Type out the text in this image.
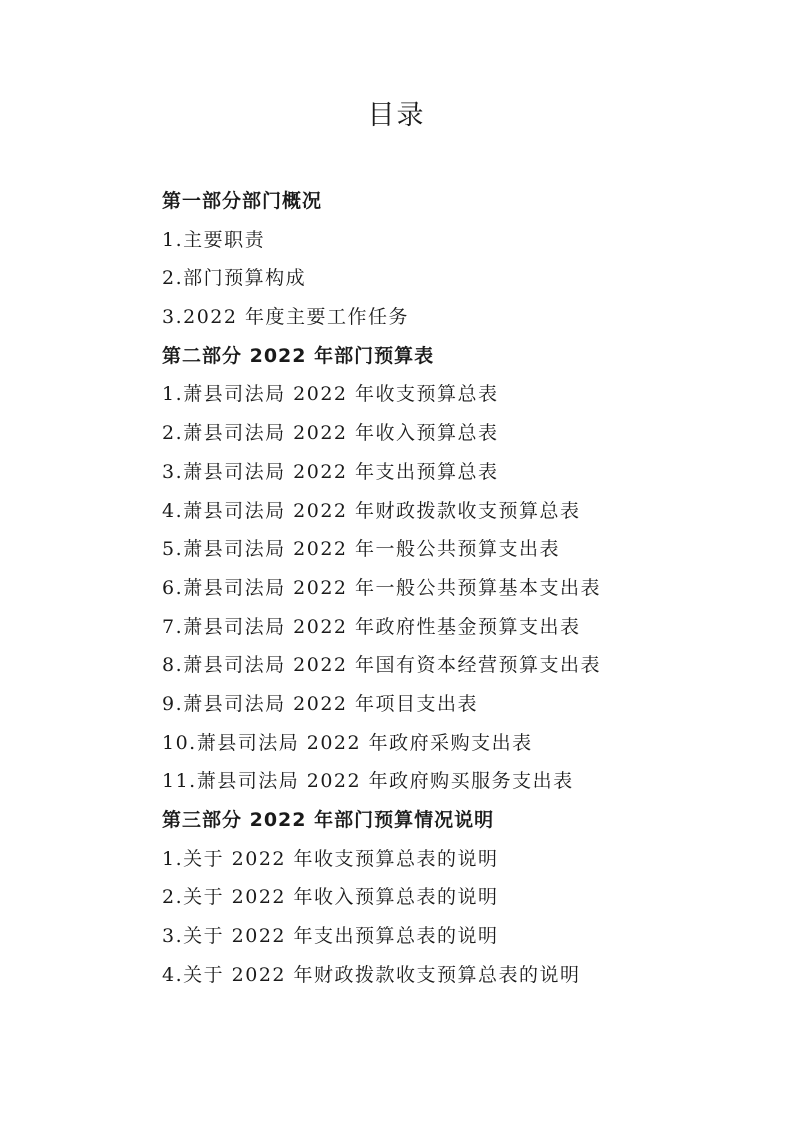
目录
第一部分部门概况
1.主要职责
2.部门预算构成
3.2022 年度主要工作任务
第二部分 2022 年部门预算表
1.萧县司法局 2022 年收支预算总表
2.萧县司法局 2022 年收入预算总表
3.萧县司法局 2022 年支出预算总表
4.萧县司法局 2022 年财政拨款收支预算总表
5.萧县司法局 2022 年一般公共预算支出表
6.萧县司法局 2022 年一般公共预算基本支出表
7.萧县司法局 2022 年政府性基金预算支出表
8.萧县司法局 2022 年国有资本经营预算支出表
9.萧县司法局 2022 年项目支出表
10.萧县司法局 2022 年政府采购支出表
11.萧县司法局 2022 年政府购买服务支出表
第三部分 2022 年部门预算情况说明
1.关于 2022 年收支预算总表的说明
2.关于 2022 年收入预算总表的说明
3.关于 2022 年支出预算总表的说明
4.关于 2022 年财政拨款收支预算总表的说明
